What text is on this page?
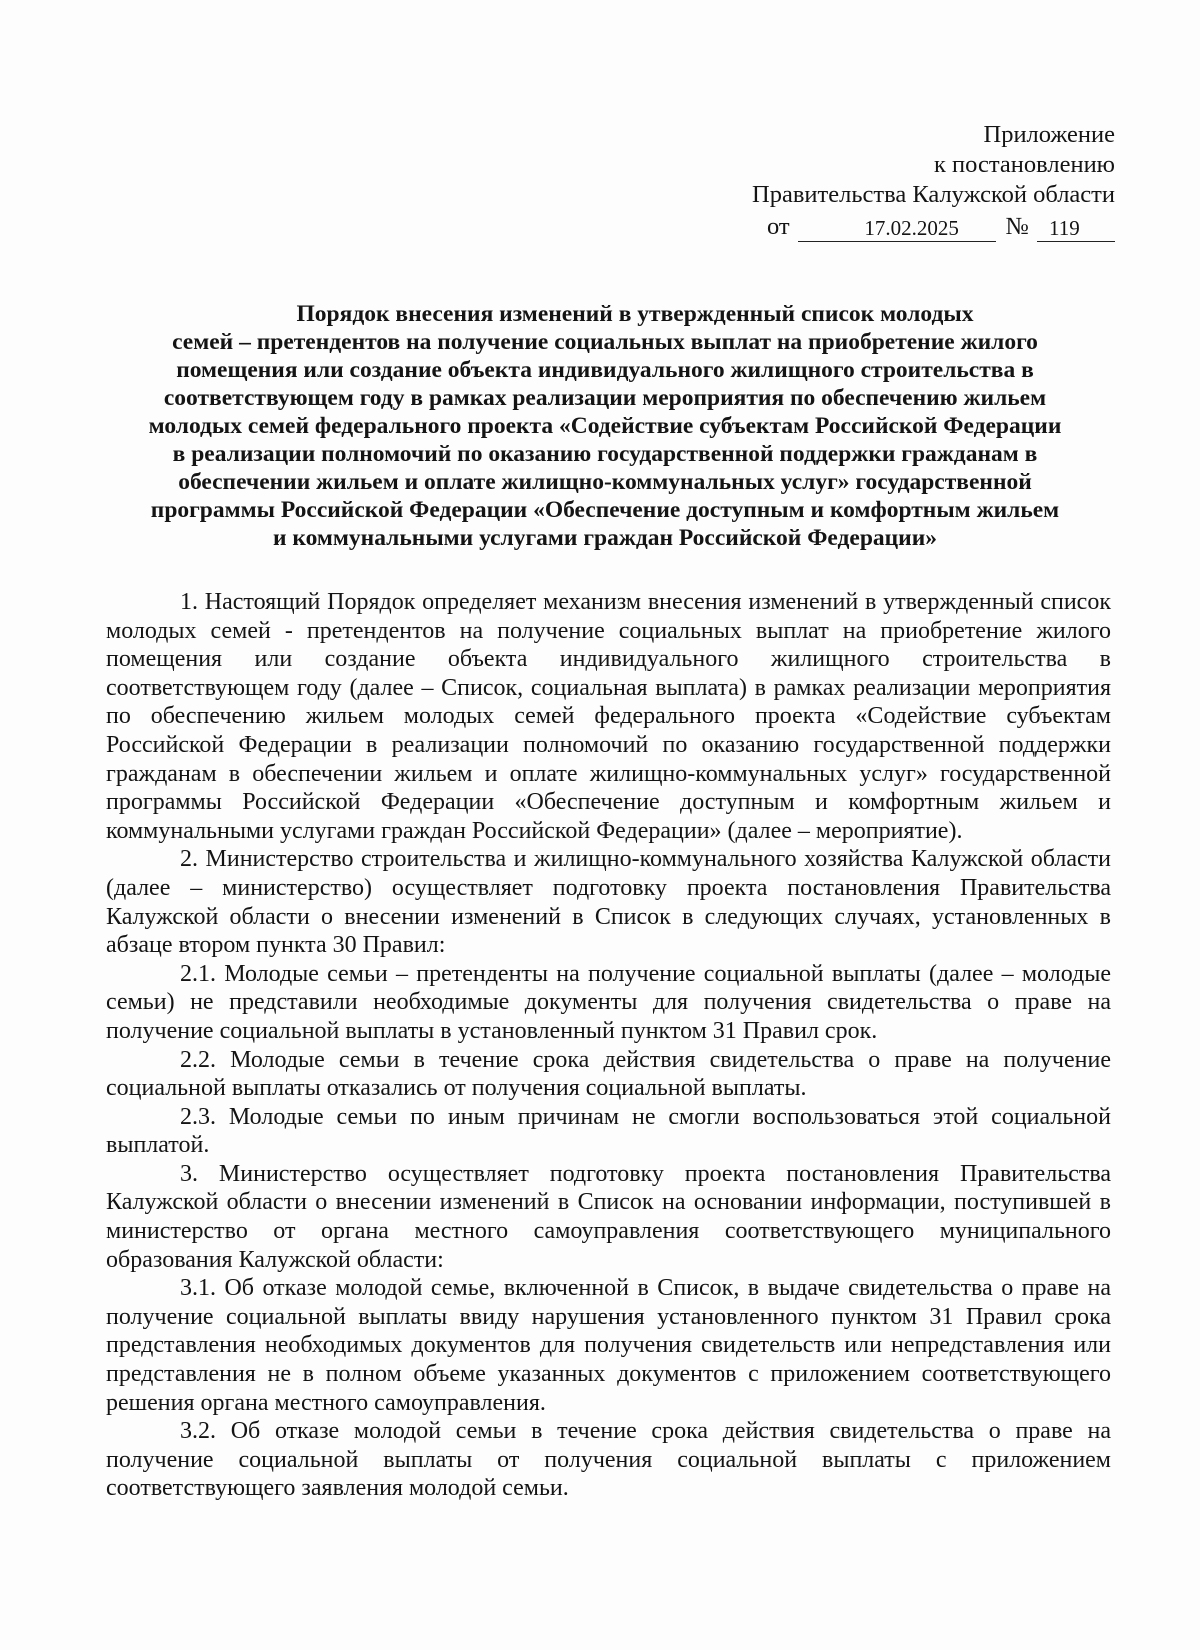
Приложение
к постановлению
Правительства Калужской области
от	17.02.2025	№ 119
Порядок внесения изменений в утвержденный список молодых
семей – претендентов на получение социальных выплат на приобретение жилого
помещения или создание объекта индивидуального жилищного строительства в
соответствующем году в рамках реализации мероприятия по обеспечению жильем
молодых семей федерального проекта «Содействие субъектам Российской Федерации
в реализации полномочий по оказанию государственной поддержки гражданам в
обеспечении жильем и оплате жилищно-коммунальных услуг» государственной
программы Российской Федерации «Обеспечение доступным и комфортным жильем
и коммунальными услугами граждан Российской Федерации»

1. Настоящий Порядок определяет механизм внесения изменений в утвержденный список молодых семей - претендентов на получение социальных выплат на приобретение жилого помещения или создание объекта индивидуального жилищного строительства в соответствующем году (далее – Список, социальная выплата) в рамках реализации мероприятия по обеспечению жильем молодых семей федерального проекта «Содействие субъектам Российской Федерации в реализации полномочий по оказанию государственной поддержки гражданам в обеспечении жильем и оплате жилищно-коммунальных услуг» государственной программы Российской Федерации «Обеспечение доступным и комфортным жильем и коммунальными услугами граждан Российской Федерации» (далее – мероприятие).

2. Министерство строительства и жилищно-коммунального хозяйства Калужской области (далее – министерство) осуществляет подготовку проекта постановления Правительства Калужской области о внесении изменений в Список в следующих случаях, установленных в абзаце втором пункта 30 Правил:

2.1. Молодые семьи – претенденты на получение социальной выплаты (далее – молодые семьи) не представили необходимые документы для получения свидетельства о праве на получение социальной выплаты в установленный пунктом 31 Правил срок.

2.2. Молодые семьи в течение срока действия свидетельства о праве на получение социальной выплаты отказались от получения социальной выплаты.

2.3. Молодые семьи по иным причинам не смогли воспользоваться этой социальной выплатой.

3. Министерство осуществляет подготовку проекта постановления Правительства Калужской области о внесении изменений в Список на основании информации, поступившей в министерство от органа местного самоуправления соответствующего муниципального образования Калужской области:

3.1. Об отказе молодой семье, включенной в Список, в выдаче свидетельства о праве на получение социальной выплаты ввиду нарушения установленного пунктом 31 Правил срока представления необходимых документов для получения свидетельств или непредставления или представления не в полном объеме указанных документов с приложением соответствующего решения органа местного самоуправления.

3.2. Об отказе молодой семьи в течение срока действия свидетельства о праве на получение социальной выплаты от получения социальной выплаты с приложением соответствующего заявления молодой семьи.
